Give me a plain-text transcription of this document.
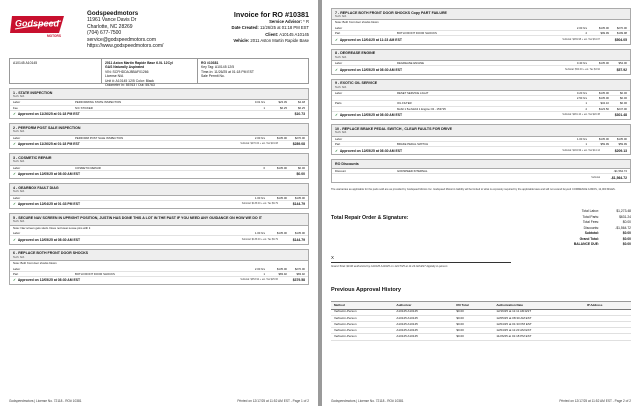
Godspeed
MOTORS
Godspeedmotors
11961 Vance Davis Dr
Charlotte, NC 28269
(704) 677-7500
service@godspeedmotors.com
https://www.godspeedmotors.com/
Invoice for RO #10381
Service Advisor: * R
Date Created: 11/26/25 at 01:18 PM EST
Client: A10145 A10145
Vehicle: 2011 Aston Martin Rapide Base
A10145 A10145	2011 Aston Martin Rapide Base 6.0L 12Cyl
GAS Naturally Aspirated
VIN: SCFHDDAJ8BAF01266
License N/A
Unit #: A10145 12/5 Color: Black
Odometer In: 55763 / Out: 55763
RO #10381
Key Tag: A10145 12/5
Time-In: 11/26/25 at 01:18 PM EST
Sale Permit No.
1 - STATE INSPECTION
Tech: N/A
Labor	PERFORMING STATE INSPECTION	0.01 hrs	$23.39	$4.48
Fee	N/C STICKER	1	$6.25	$6.25
✓ Approved on 11/26/25 at 01:18 PM EST	$10.73
2 - PERFORM POST SALE INSPECTION
Tech: N/A
Labor	PERFORM POST SALE INSPECTION	2.00 hrs	$135.00	$270.00
✓ Approved on 11/26/25 at 01:18 PM EST	Subtotal: $270.00 + est. Tax $19.08	$289.08
3 - COSMETIC REPAIR
Tech: N/A
Labor	COSMETIC REPAIR	0	$135.00	$0.00
✓ Approved on 12/05/25 at 08:30 AM EST	$0.00
4 - GEARBOX FAULT DIAG
Tech: N/A
Labor	1.00 hrs	$135.00	$135.00
✓ Approved on 12/04/25 at 01:33 PM EST	Subtotal: $135.00 + est. Tax $9.79	$144.79
5 - SECURE NAV SCREEN IN UPRIGHT POSITION, JUSTIN HAS DONE THIS A LOT IN THE PAST IF YOU NEED ANY GUIDANCE ON HOW WE DO IT
Tech: N/A
Note: Nav screen gets stuck. Does not lower.Loose pins with it
Labor	1.00 hrs	$135.00	$135.00
✓ Approved on 12/05/25 at 08:30 AM EST	Subtotal: $135.00 + est. Tax $9.79	$144.79
6 - REPLACE BOTH FRONT DOOR SHOCKS
Tech: N/A
Note: Both front door shocks blown
Labor	2.00 hrs	$135.00	$270.00
Part	BOTH FRONT DOOR SHOCKS	1	$83.92	$83.92
✓ Approved on 12/05/25 at 08:30 AM EST	Subtotal: $353.92 + est. Tax $25.66	$379.58
Godspeedmotors | License No. 72118 - RO# 10381	Printed on 12/17/25 at 11:52 AM EST - Page 1 of 2
7 - REPLACE BOTH FRONT DOOR SHOCKS Copy PART FAILURE
Tech: N/A
Note: Both front door shocks blown
Labor	2.00 hrs	$135.00	$270.00
Part	BOTH FRONT DOOR SHOCKS	2	$99.99	$199.98
✓ Approved on 12/04/25 at 11:23 AM EST	Subtotal: $469.98 + est. Tax $34.07	$504.05
8 - DEGREASE ENGINE
Tech: N/A
Labor	DEGREASE ENGINE	0.40 hrs	$135.00	$54.00
✓ Approved on 12/05/25 at 08:30 AM EST	Subtotal: $54.00 + est. Tax $3.92	$57.92
9 - EXOTIC OIL SERVICE
Tech: N/A
Labor	RESET SERVICE LIGHT	0.20 hrs	$135.00	$0.00
2.50 hrs	$135.00	$0.00
Parts	OIL FILTER	1	$34.10	$0.00
Mobil 1 5w-Mobil 1 Engine Oil - 153725	2	$123.50	$247.00
✓ Approved on 12/05/25 at 08:30 AM EST	Subtotal: $281.10 + est. Tax $20.38	$301.48
10 - REPLACE BRAKE PEDAL SWITCH , CLEAR FAULTS FOR DRIVE
Tech: N/A
Labor	1.00 hrs	$135.00	$135.00
Part	BRAKE PEDAL SWITCH	1	$59.99	$59.99
✓ Approved on 12/05/25 at 08:30 AM EST	Subtotal: $194.99 + est. Tax $14.14	$209.13
RO Discounts
Discount	GODSPEED INTERNAL	-$1,564.72
Subtotal	-$1,564.72
The warranties as applicable for the parts sold are as provided by Godspeed Motors Inc. Godspeed Motors's liability will be limited to what is expressly required by the applicable laws and will not extend beyond COMMENCE 12MOS, 12,000 MILES.
Total Repair Order & Signature:
Total Labor:	$1,273.48
Total Parts:	$631.24
Total Fees:	$0.00
Discounts:	-$1,564.72
Subtotal:	$0.00
Grand Total:	$0.00
BALANCE DUE:	$0.00
X
Grand Total: $0.00 authorized by A10145 A10145 on 12/17/25 at 11:23 AM EST digitally in-person
Previous Approval History
Method	Authorizer	RO Total	Authorization Date	IP Address
Verbal-In-Person	A10145 A10145	$0.00	12/16/25 at 11:11 AM EST	
Verbal-In-Person	A10145 A10145	$0.00	12/05/25 at 08:30 AM EST	
Verbal-In-Person	A10145 A10145	$0.00	12/04/25 at 01:33 PM EST	
Verbal-In-Person	A10145 A10145	$0.00	12/04/25 at 11:23 AM EST	
Verbal-In-Person	A10145 A10145	$0.00	11/26/25 at 01:18 PM EST	
Godspeedmotors | License No. 72118 - RO# 10381	Printed on 12/17/25 at 11:52 AM EST - Page 2 of 2
